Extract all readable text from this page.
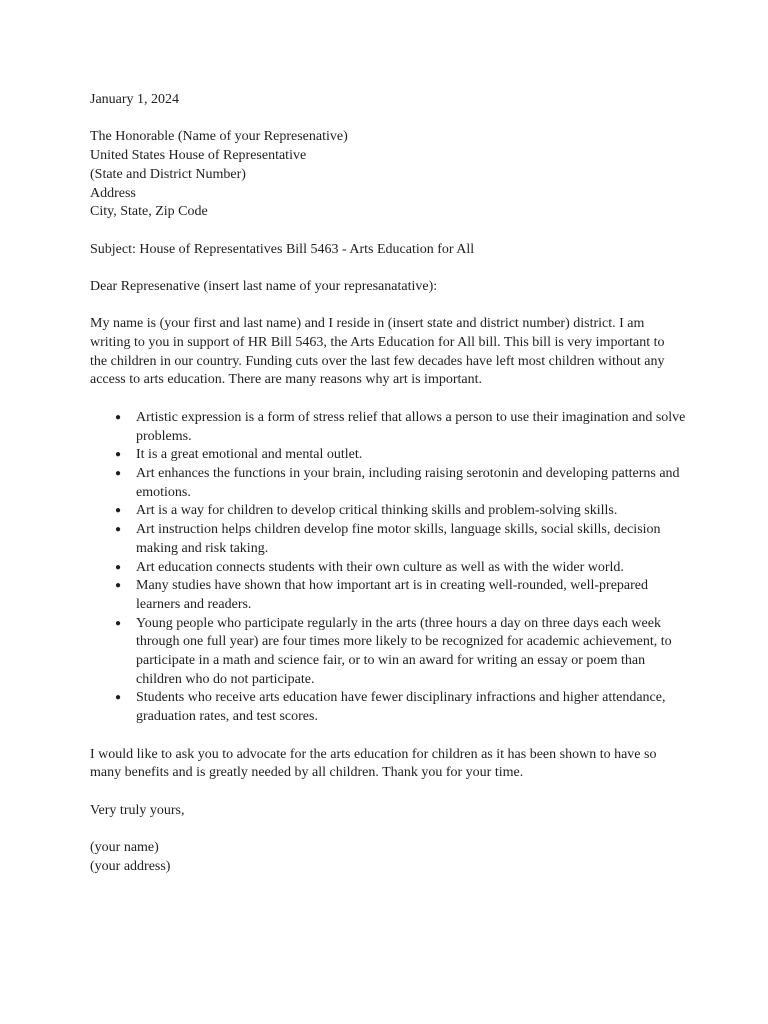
January 1, 2024
The Honorable (Name of your Represenative)
United States House of Representative
(State and District Number)
Address
City, State, Zip Code
Subject: House of Representatives Bill 5463 - Arts Education for All
Dear Represenative (insert last name of your represanatative):
My name is (your first and last name) and I reside in (insert state and district number) district. I am
writing to you in support of HR Bill 5463, the Arts Education for All bill. This bill is very important to
the children in our country. Funding cuts over the last few decades have left most children without any
access to arts education. There are many reasons why art is important.
● Artistic expression is a form of stress relief that allows a person to use their imagination and solve
problems.
● It is a great emotional and mental outlet.
● Art enhances the functions in your brain, including raising serotonin and developing patterns and
emotions.
● Art is a way for children to develop critical thinking skills and problem-solving skills.
● Art instruction helps children develop fine motor skills, language skills, social skills, decision
making and risk taking.
● Art education connects students with their own culture as well as with the wider world.
● Many studies have shown that how important art is in creating well-rounded, well-prepared
learners and readers.
● Young people who participate regularly in the arts (three hours a day on three days each week
through one full year) are four times more likely to be recognized for academic achievement, to
participate in a math and science fair, or to win an award for writing an essay or poem than
children who do not participate.
● Students who receive arts education have fewer disciplinary infractions and higher attendance,
graduation rates, and test scores.
I would like to ask you to advocate for the arts education for children as it has been shown to have so
many benefits and is greatly needed by all children. Thank you for your time.
Very truly yours,
(your name)
(your address)
